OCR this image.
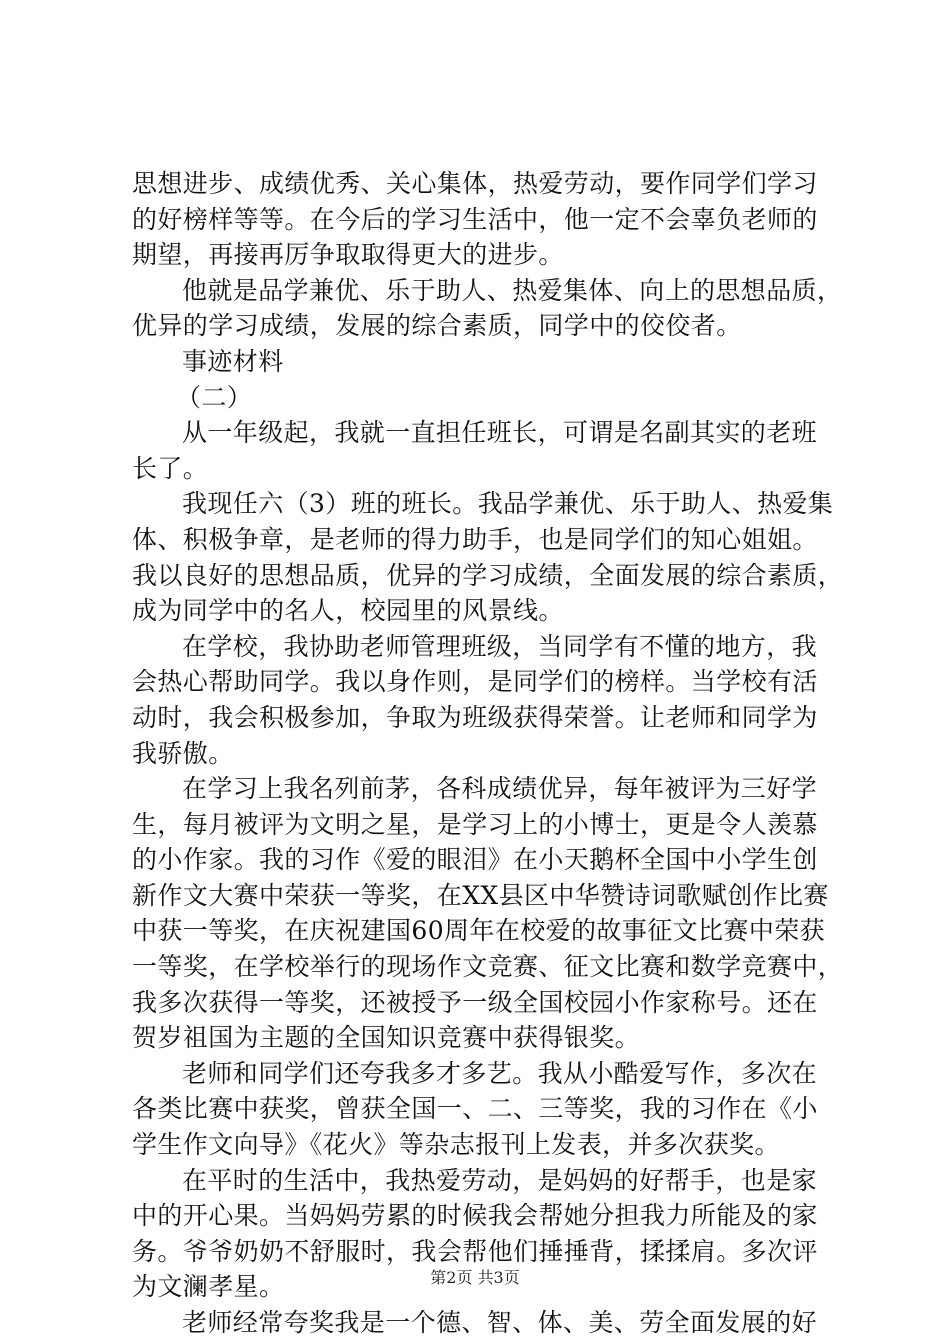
思想进步、成绩优秀、关心集体，热爱劳动，要作同学们学习
的好榜样等等。在今后的学习生活中，他一定不会辜负老师的
期望，再接再厉争取取得更大的进步。
他就是品学兼优、乐于助人、热爱集体、向上的思想品质，
优异的学习成绩，发展的综合素质，同学中的佼佼者。
事迹材料
（二）
从一年级起，我就一直担任班长，可谓是名副其实的老班
长了。
我现任六（3）班的班长。我品学兼优、乐于助人、热爱集
体、积极争章，是老师的得力助手，也是同学们的知心姐姐。
我以良好的思想品质，优异的学习成绩，全面发展的综合素质，
成为同学中的名人，校园里的风景线。
在学校，我协助老师管理班级，当同学有不懂的地方，我
会热心帮助同学。我以身作则，是同学们的榜样。当学校有活
动时，我会积极参加，争取为班级获得荣誉。让老师和同学为
我骄傲。
在学习上我名列前茅，各科成绩优异，每年被评为三好学
生，每月被评为文明之星，是学习上的小博士，更是令人羡慕
的小作家。我的习作《爱的眼泪》在小天鹅杯全国中小学生创
新作文大赛中荣获一等奖，在XX县区中华赞诗词歌赋创作比赛
中获一等奖，在庆祝建国60周年在校爱的故事征文比赛中荣获
一等奖，在学校举行的现场作文竞赛、征文比赛和数学竞赛中，
我多次获得一等奖，还被授予一级全国校园小作家称号。还在
贺岁祖国为主题的全国知识竞赛中获得银奖。
老师和同学们还夸我多才多艺。我从小酷爱写作，多次在
各类比赛中获奖，曾获全国一、二、三等奖，我的习作在《小
学生作文向导》《花火》等杂志报刊上发表，并多次获奖。
在平时的生活中，我热爱劳动，是妈妈的好帮手，也是家
中的开心果。当妈妈劳累的时候我会帮她分担我力所能及的家
务。爷爷奶奶不舒服时，我会帮他们捶捶背，揉揉肩。多次评
为文澜孝星。
老师经常夸奖我是一个德、智、体、美、劳全面发展的好
第2页 共3页
